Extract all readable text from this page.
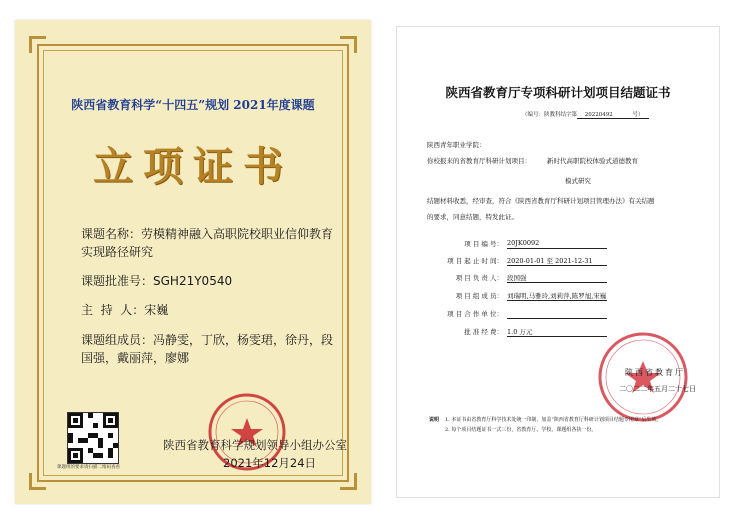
陕西省教育科学“十四五”规划 2021年度课题
立项证书
课题名称：劳模精神融入高职院校职业信仰教育实现路径研究
课题批准号：SGH21Y0540
主  持  人：宋巍
课题组成员：冯静雯，丁欣，杨雯珺，徐丹，段国强，戴丽萍，廖娜
课题组的要求请扫描二维码查看
陕西省教育科学规划领导小组办公室
2021年12月24日
陕西省教育厅专项科研计划项目结题证书
（编号：陕教科结字第 20220492	号）
陕西青年职业学院：
你校报来的省教育厅科研计划项目： 新时代高职院校体验式道德教育
模式研究
结题材料收悉，经审查，符合《陕西省教育厅科研计划项目管理办法》有关结题
的要求，同意结题，特发此证。
项 目 编 号： 20JK0092
项 目 起 止 时 间： 2020-01-01 至 2021-12-31
项 目 负 责 人： 段国强
项 目 组 成 员： 刘瑞明,马雅玲,刘莉萍,陈罗旭,宋巍
项 目 合 作 单 位：
批 准 经 费： 1.0 万元
陕西省教育厅
二〇二二年五月二十七日
说明	1. 本证书由省教育厅科学技术处统一印制，加盖“陕西省教育厅科研计划项目结题专用章”后生效。
2. 每个项目结题证书一式三份，省教育厅、学校、课题组各执一份。
